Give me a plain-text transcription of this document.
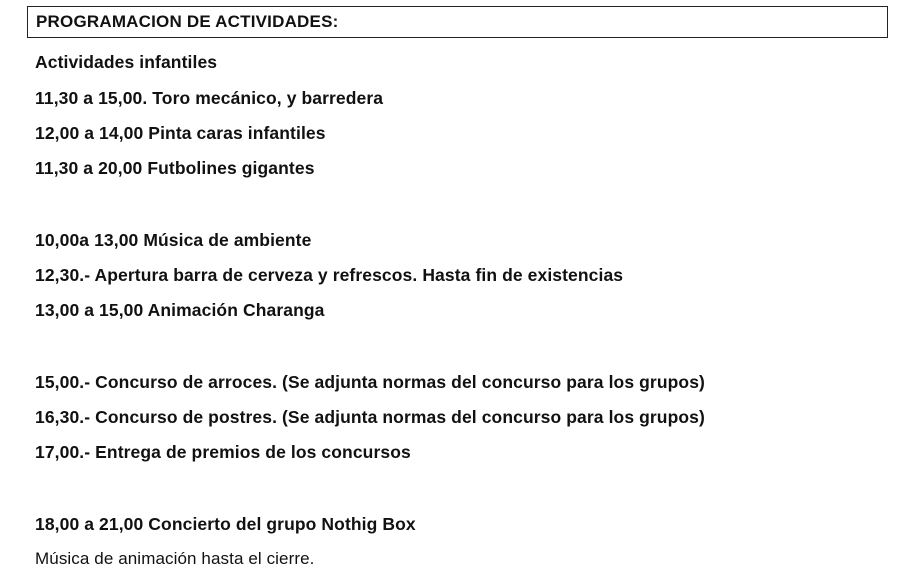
PROGRAMACION DE ACTIVIDADES:
Actividades infantiles
11,30 a 15,00. Toro mecánico, y barredera
12,00 a 14,00 Pinta caras infantiles
11,30 a 20,00 Futbolines gigantes
10,00a 13,00 Música de ambiente
12,30.- Apertura barra de cerveza y refrescos. Hasta fin de existencias
13,00 a 15,00 Animación Charanga
15,00.- Concurso de arroces. (Se adjunta normas del concurso para los grupos)
16,30.- Concurso de postres. (Se adjunta normas del concurso para los grupos)
17,00.- Entrega de premios de los concursos
18,00 a 21,00 Concierto del grupo Nothig Box
Música de animación hasta el cierre.
